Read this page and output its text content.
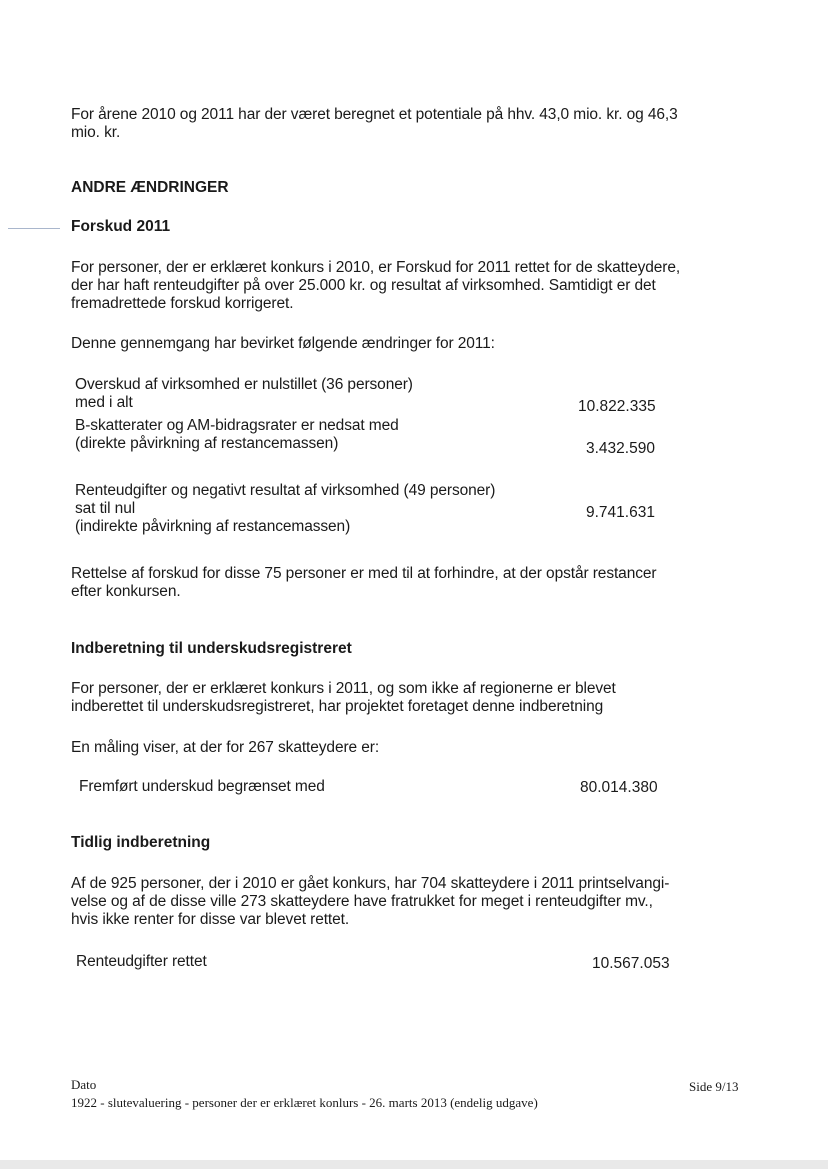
For årene 2010 og 2011 har der været beregnet et potentiale på hhv. 43,0 mio. kr. og 46,3
mio. kr.

ANDRE ÆNDRINGER
Forskud 2011

For personer, der er erklæret konkurs i 2010, er Forskud for 2011 rettet for de skatteydere,
der har haft renteudgifter på over 25.000 kr. og resultat af virksomhed. Samtidigt er det
fremadrettede forskud korrigeret.

Denne gennemgang har bevirket følgende ændringer for 2011:
Overskud af virksomhed er nulstillet (36 personer)
med i alt	10.822.335
B-skatterater og AM-bidragsrater er nedsat med
(direkte påvirkning af restancemassen)	3.432.590
Renteudgifter og negativt resultat af virksomhed (49 personer)
sat til nul
(indirekte påvirkning af restancemassen)
9.741.631

Rettelse af forskud for disse 75 personer er med til at forhindre, at der opstår restancer
efter konkursen.

Indberetning til underskudsregistreret

For personer, der er erklæret konkurs i 2011, og som ikke af regionerne er blevet
indberettet til underskudsregistreret, har projektet foretaget denne indberetning

En måling viser, at der for 267 skatteydere er:
Fremført underskud begrænset med	80.014.380
Tidlig indberetning

Af de 925 personer, der i 2010 er gået konkurs, har 704 skatteydere i 2011 printselvangi-
velse og af de disse ville 273 skatteydere have fratrukket for meget i renteudgifter mv.,
hvis ikke renter for disse var blevet rettet.

Renteudgifter rettet	10.567.053
Dato
1922 - slutevaluering - personer der er erklæret konlurs - 26. marts 2013 (endelig udgave)
Side 9/13
